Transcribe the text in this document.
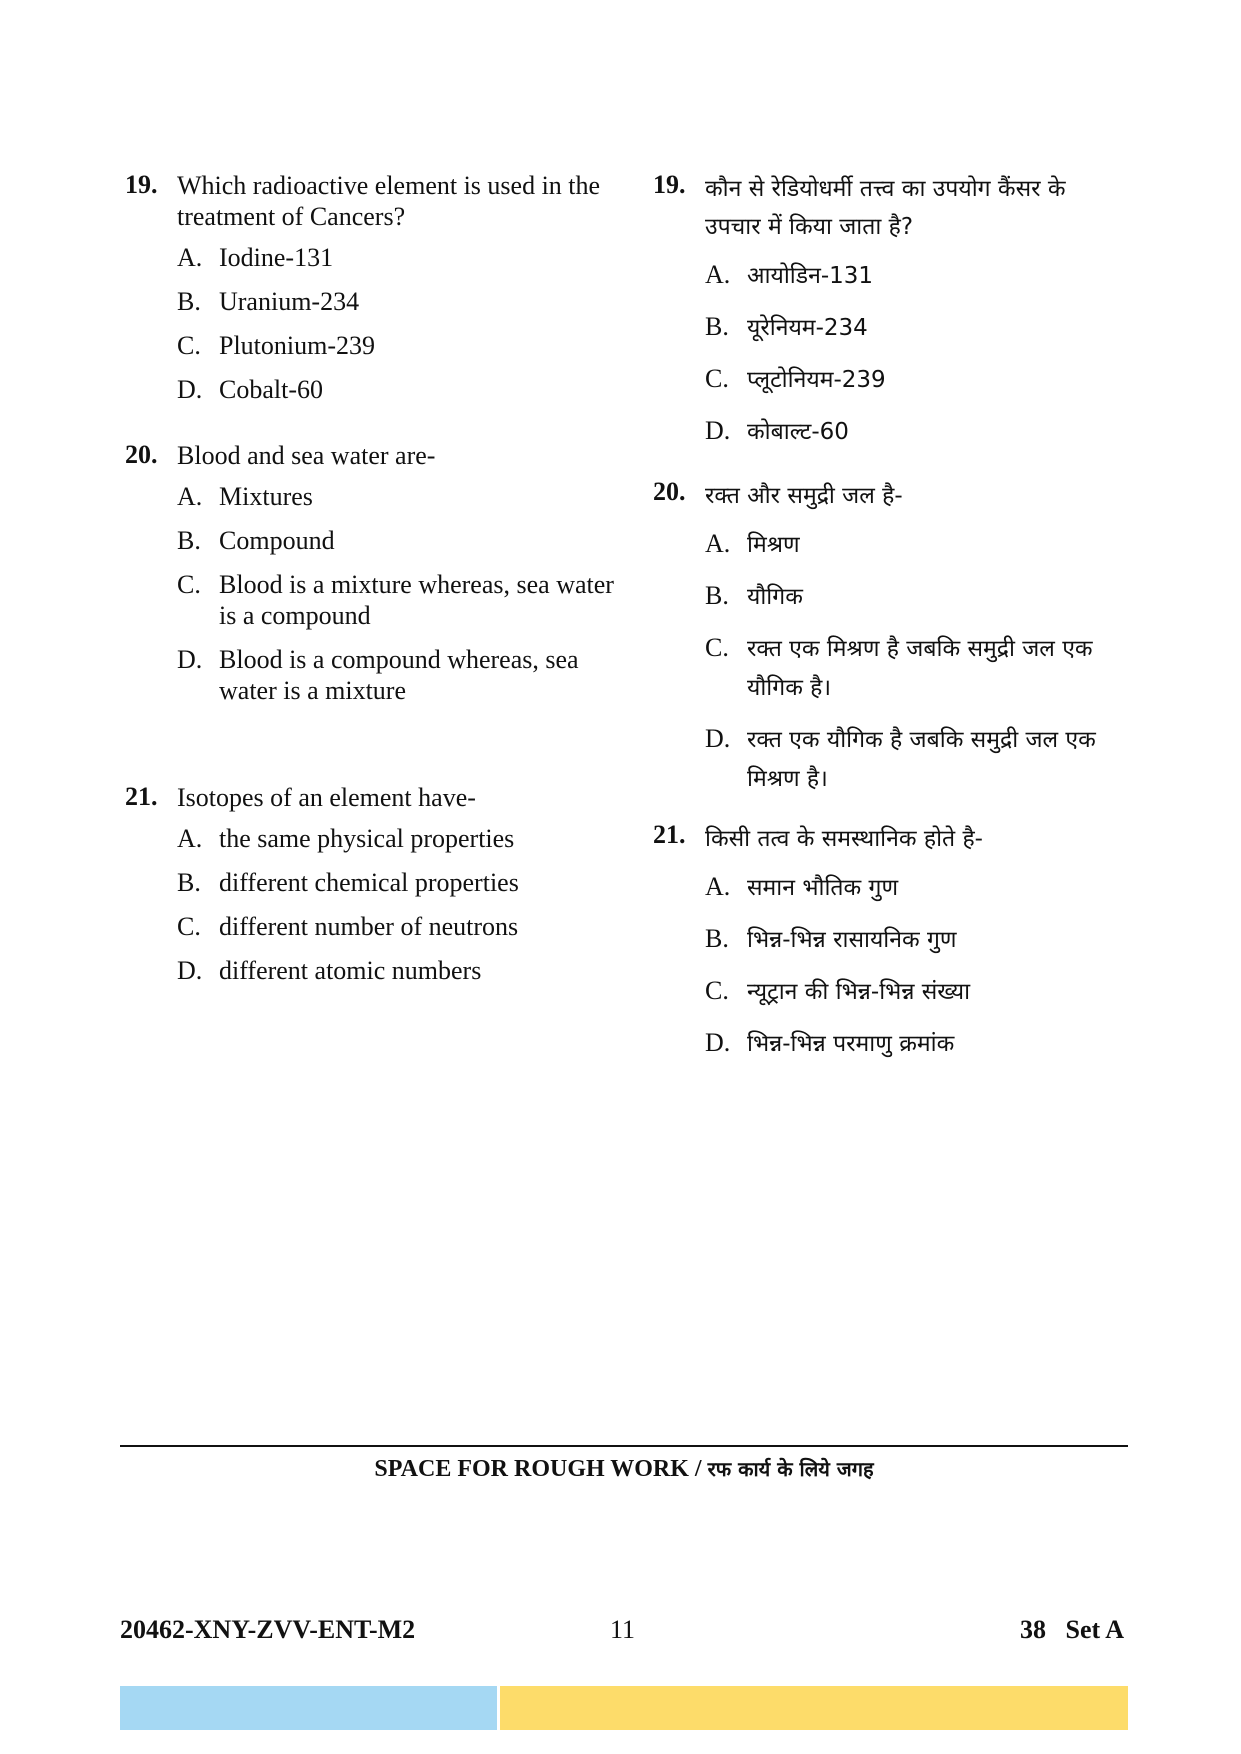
19. Which radioactive element is used in the treatment of Cancers?
A. Iodine-131
B. Uranium-234
C. Plutonium-239
D. Cobalt-60
20. Blood and sea water are-
A. Mixtures
B. Compound
C. Blood is a mixture whereas, sea water is a compound
D. Blood is a compound whereas, sea water is a mixture
21. Isotopes of an element have-
A. the same physical properties
B. different chemical properties
C. different number of neutrons
D. different atomic numbers
19. कौन से रेडियोधर्मी तत्त्व का उपयोग कैंसर के उपचार में किया जाता है?
A. आयोडिन-131
B. यूरेनियम-234
C. प्लूटोनियम-239
D. कोबाल्ट-60
20. रक्त और समुद्री जल है-
A. मिश्रण
B. यौगिक
C. रक्त एक मिश्रण है जबकि समुद्री जल एक यौगिक है।
D. रक्त एक यौगिक है जबकि समुद्री जल एक मिश्रण है।
21. किसी तत्व के समस्थानिक होते है-
A. समान भौतिक गुण
B. भिन्न-भिन्न रासायनिक गुण
C. न्यूट्रान की भिन्न-भिन्न संख्या
D. भिन्न-भिन्न परमाणु क्रमांक
SPACE FOR ROUGH WORK / रफ कार्य के लिये जगह
20462-XNY-ZVV-ENT-M2	11	38   Set A
